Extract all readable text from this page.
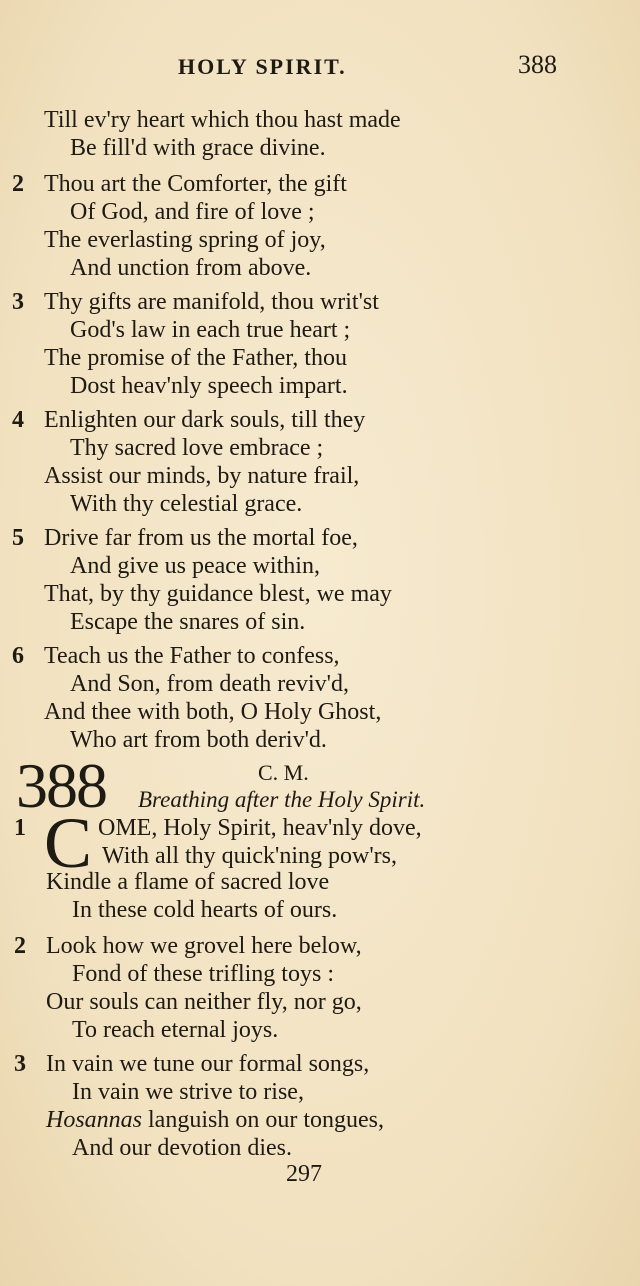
HOLY SPIRIT.	388
Till ev'ry heart which thou hast made
Be fill'd with grace divine.
2 Thou art the Comforter, the gift
Of God, and fire of love ;
The everlasting spring of joy,
And unction from above.
3 Thy gifts are manifold, thou writ'st
God's law in each true heart ;
The promise of the Father, thou
Dost heav'nly speech impart.
4 Enlighten our dark souls, till they
Thy sacred love embrace ;
Assist our minds, by nature frail,
With thy celestial grace.
5 Drive far from us the mortal foe,
And give us peace within,
That, by thy guidance blest, we may
Escape the snares of sin.
6 Teach us the Father to confess,
And Son, from death reviv'd,
And thee with both, O Holy Ghost,
Who art from both deriv'd.
388	C. M.
Breathing after the Holy Spirit.
1 C OME, Holy Spirit, heav'nly dove,
With all thy quick'ning pow'rs,
Kindle a flame of sacred love
In these cold hearts of ours.
2 Look how we grovel here below,
Fond of these trifling toys :
Our souls can neither fly, nor go,
To reach eternal joys.
3 In vain we tune our formal songs,
In vain we strive to rise,
Hosannas languish on our tongues,
And our devotion dies.
297
